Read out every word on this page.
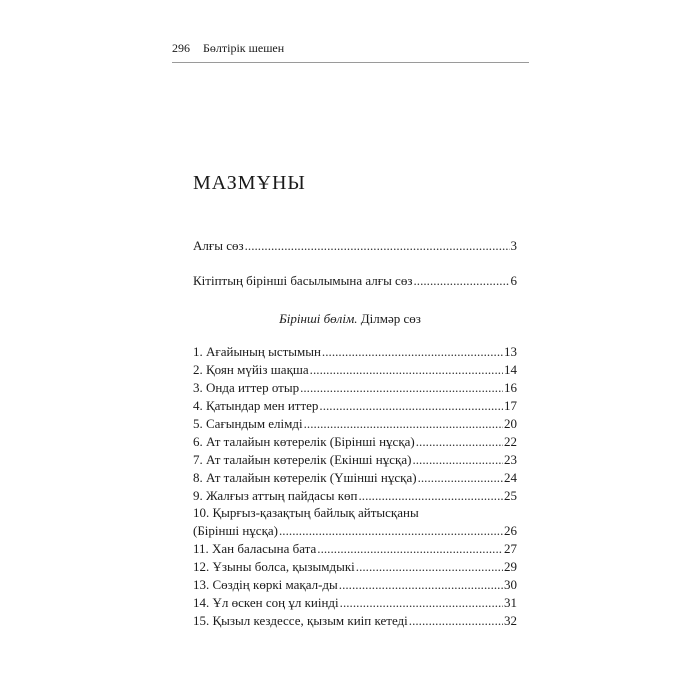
296 Бөлтірік шешен
МАЗМҰНЫ
Алғы сөз . . .	3
Кітіптың бірінші басылымына алғы сөз . . .	6
Бірінші бөлім. Ділмәр сөз
1. Ағайының ыстымын . . .	13
2. Қоян мүйіз шақша . . .	14
3. Онда иттер отыр . . .	16
4. Қатындар мен иттер . . .	17
5. Сағындым елімді . . .	20
6. Ат талайын көтерелік (Бірінші нұсқа) . . .	22
7. Ат талайын көтерелік (Екінші нұсқа) . . .	23
8. Ат талайын көтерелік (Үшінші нұсқа) . . .	24
9. Жалғыз аттың пайдасы көп . . .	25
10. Қырғыз-қазақтың байлық айтысқаны
(Бірінші нұсқа) . . .	26
11. Хан баласына бата . . .	27
12. Ұзыны болса, қызымдыкі . . .	29
13. Сөздің көркі мақал-ды . . .	30
14. Ұл өскен соң ұл киінді . . .	31
15. Қызыл кездессе, қызым киіп кетеді . . .	32
